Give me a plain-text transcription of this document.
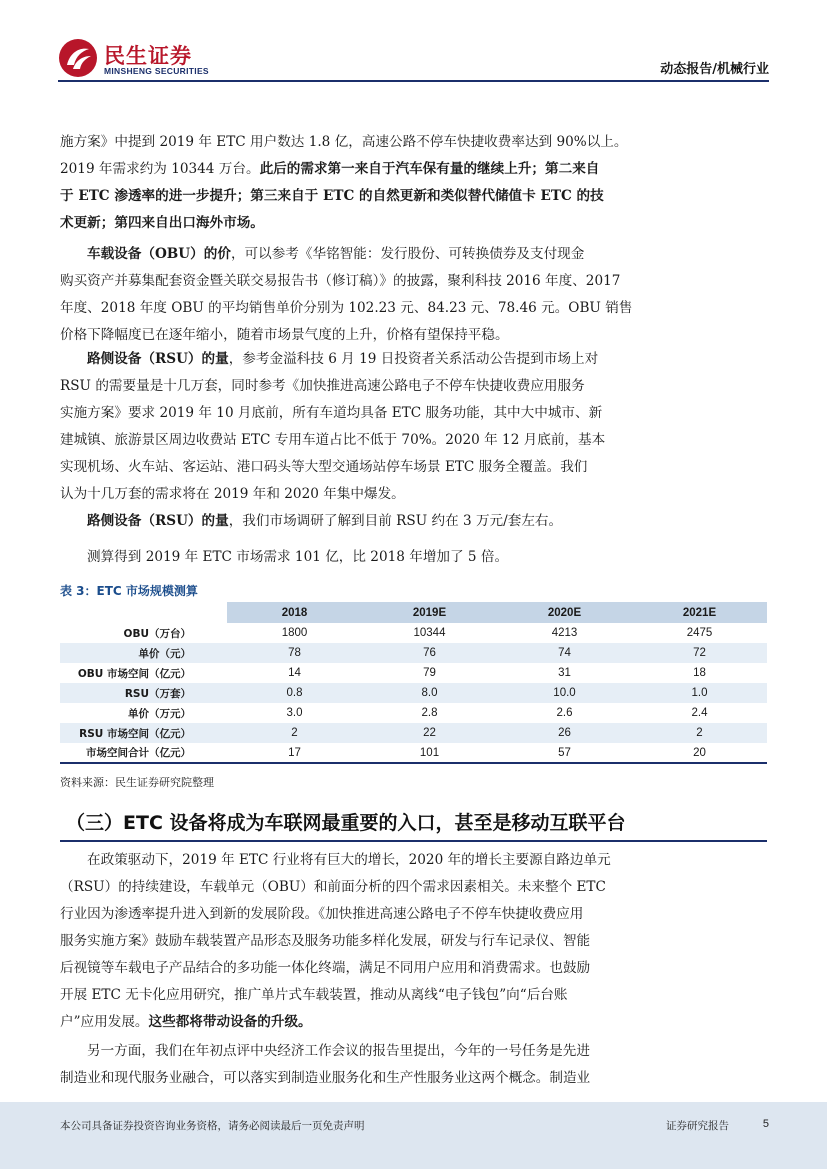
民生证券
MINSHENG SECURITIES	动态报告/机械行业
施方案》中提到 2019 年 ETC 用户数达 1.8 亿，高速公路不停车快捷收费率达到 90%以上。
2019 年需求约为 10344 万台。此后的需求第一来自于汽车保有量的继续上升；第二来自
于 ETC 渗透率的进一步提升；第三来自于 ETC 的自然更新和类似替代储值卡 ETC 的技
术更新；第四来自出口海外市场。
车载设备（OBU）的价，可以参考《华铭智能：发行股份、可转换债券及支付现金
购买资产并募集配套资金暨关联交易报告书（修订稿）》的披露，聚利科技 2016 年度、2017
年度、2018 年度 OBU 的平均销售单价分别为 102.23 元、84.23 元、78.46 元。OBU 销售
价格下降幅度已在逐年缩小，随着市场景气度的上升，价格有望保持平稳。
路侧设备（RSU）的量，参考金溢科技 6 月 19 日投资者关系活动公告提到市场上对
RSU 的需要量是十几万套，同时参考《加快推进高速公路电子不停车快捷收费应用服务
实施方案》要求 2019 年 10 月底前，所有车道均具备 ETC 服务功能，其中大中城市、新
建城镇、旅游景区周边收费站 ETC 专用车道占比不低于 70%。2020 年 12 月底前，基本
实现机场、火车站、客运站、港口码头等大型交通场站停车场景 ETC 服务全覆盖。我们
认为十几万套的需求将在 2019 年和 2020 年集中爆发。
路侧设备（RSU）的量，我们市场调研了解到目前 RSU 约在 3 万元/套左右。
测算得到 2019 年 ETC 市场需求 101 亿，比 2018 年增加了 5 倍。
表 3：ETC 市场规模测算
	2018	2019E	2020E	2021E
OBU（万台）	1800	10344	4213	2475
单价（元）	78	76	74	72
OBU 市场空间（亿元）	14	79	31	18
RSU（万套）	0.8	8.0	10.0	1.0
单价（万元）	3.0	2.8	2.6	2.4
RSU 市场空间（亿元）	2	22	26	2
市场空间合计（亿元）	17	101	57	20
资料来源：民生证券研究院整理
（三）ETC 设备将成为车联网最重要的入口，甚至是移动互联平台
在政策驱动下，2019 年 ETC 行业将有巨大的增长，2020 年的增长主要源自路边单元
（RSU）的持续建设，车载单元（OBU）和前面分析的四个需求因素相关。未来整个 ETC
行业因为渗透率提升进入到新的发展阶段。《加快推进高速公路电子不停车快捷收费应用
服务实施方案》鼓励车载装置产品形态及服务功能多样化发展，研发与行车记录仪、智能
后视镜等车载电子产品结合的多功能一体化终端，满足不同用户应用和消费需求。也鼓励
开展 ETC 无卡化应用研究，推广单片式车载装置，推动从离线“电子钱包”向“后台账
户”应用发展。这些都将带动设备的升级。
另一方面，我们在年初点评中央经济工作会议的报告里提出，今年的一号任务是先进
制造业和现代服务业融合，可以落实到制造业服务化和生产性服务业这两个概念。制造业
本公司具备证券投资咨询业务资格，请务必阅读最后一页免责声明	证券研究报告	5
